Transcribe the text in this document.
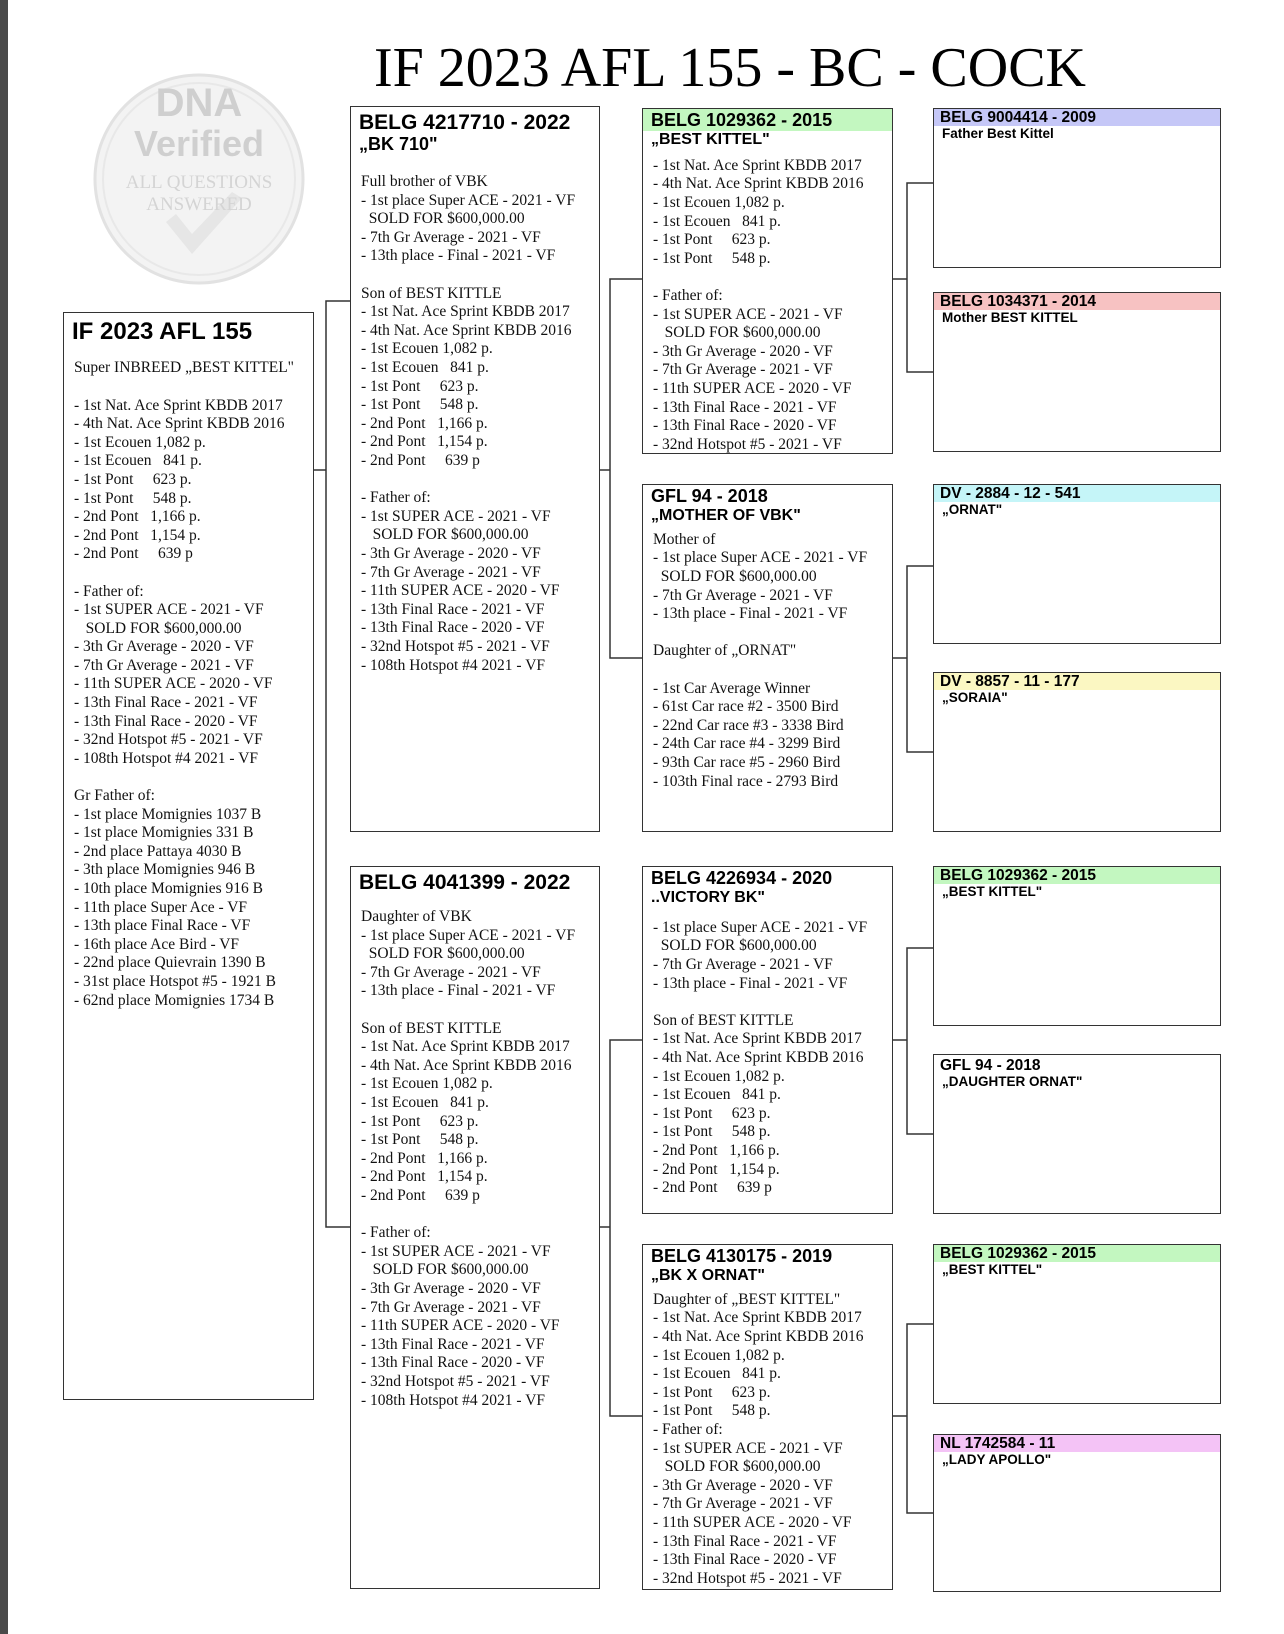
IF 2023 AFL 155 - BC - COCK
DNA
Verified
ALL QUESTIONS
ANSWERED
IF 2023 AFL 155
Super INBREED „BEST KITTEL"

- 1st Nat. Ace Sprint KBDB 2017
- 4th Nat. Ace Sprint KBDB 2016
- 1st Ecouen 1,082 p.
- 1st Ecouen   841 p.
- 1st Pont     623 p.
- 1st Pont     548 p.
- 2nd Pont   1,166 p.
- 2nd Pont   1,154 p.
- 2nd Pont     639 p

- Father of:
- 1st SUPER ACE - 2021 - VF
SOLD FOR $600,000.00
- 3th Gr Average - 2020 - VF
- 7th Gr Average - 2021 - VF
- 11th SUPER ACE - 2020 - VF
- 13th Final Race - 2021 - VF
- 13th Final Race - 2020 - VF
- 32nd Hotspot #5 - 2021 - VF
- 108th Hotspot #4 2021 - VF

Gr Father of:
- 1st place Momignies 1037 B
- 1st place Momignies 331 B
- 2nd place Pattaya 4030 B
- 3th place Momignies 946 B
- 10th place Momignies 916 B
- 11th place Super Ace - VF
- 13th place Final Race - VF
- 16th place Ace Bird - VF
- 22nd place Quievrain 1390 B
- 31st place Hotspot #5 - 1921 B
- 62nd place Momignies 1734 B
BELG 4217710 - 2022
„BK 710"
Full brother of VBK
- 1st place Super ACE - 2021 - VF
SOLD FOR $600,000.00
- 7th Gr Average - 2021 - VF
- 13th place - Final - 2021 - VF

Son of BEST KITTLE
- 1st Nat. Ace Sprint KBDB 2017
- 4th Nat. Ace Sprint KBDB 2016
- 1st Ecouen 1,082 p.
- 1st Ecouen   841 p.
- 1st Pont     623 p.
- 1st Pont     548 p.
- 2nd Pont   1,166 p.
- 2nd Pont   1,154 p.
- 2nd Pont     639 p

- Father of:
- 1st SUPER ACE - 2021 - VF
SOLD FOR $600,000.00
- 3th Gr Average - 2020 - VF
- 7th Gr Average - 2021 - VF
- 11th SUPER ACE - 2020 - VF
- 13th Final Race - 2021 - VF
- 13th Final Race - 2020 - VF
- 32nd Hotspot #5 - 2021 - VF
- 108th Hotspot #4 2021 - VF
BELG 4041399 - 2022
Daughter of VBK
- 1st place Super ACE - 2021 - VF
SOLD FOR $600,000.00
- 7th Gr Average - 2021 - VF
- 13th place - Final - 2021 - VF

Son of BEST KITTLE
- 1st Nat. Ace Sprint KBDB 2017
- 4th Nat. Ace Sprint KBDB 2016
- 1st Ecouen 1,082 p.
- 1st Ecouen   841 p.
- 1st Pont     623 p.
- 1st Pont     548 p.
- 2nd Pont   1,166 p.
- 2nd Pont   1,154 p.
- 2nd Pont     639 p

- Father of:
- 1st SUPER ACE - 2021 - VF
SOLD FOR $600,000.00
- 3th Gr Average - 2020 - VF
- 7th Gr Average - 2021 - VF
- 11th SUPER ACE - 2020 - VF
- 13th Final Race - 2021 - VF
- 13th Final Race - 2020 - VF
- 32nd Hotspot #5 - 2021 - VF
- 108th Hotspot #4 2021 - VF
BELG 1029362 - 2015
„BEST KITTEL"
- 1st Nat. Ace Sprint KBDB 2017
- 4th Nat. Ace Sprint KBDB 2016
- 1st Ecouen 1,082 p.
- 1st Ecouen   841 p.
- 1st Pont     623 p.
- 1st Pont     548 p.

- Father of:
- 1st SUPER ACE - 2021 - VF
SOLD FOR $600,000.00
- 3th Gr Average - 2020 - VF
- 7th Gr Average - 2021 - VF
- 11th SUPER ACE - 2020 - VF
- 13th Final Race - 2021 - VF
- 13th Final Race - 2020 - VF
- 32nd Hotspot #5 - 2021 - VF
GFL 94 - 2018
„MOTHER OF VBK"
Mother of
- 1st place Super ACE - 2021 - VF
SOLD FOR $600,000.00
- 7th Gr Average - 2021 - VF
- 13th place - Final - 2021 - VF

Daughter of „ORNAT"

- 1st Car Average Winner
- 61st Car race #2 - 3500 Bird
- 22nd Car race #3 - 3338 Bird
- 24th Car race #4 - 3299 Bird
- 93th Car race #5 - 2960 Bird
- 103th Final race - 2793 Bird
BELG 4226934 - 2020
..VICTORY BK"
- 1st place Super ACE - 2021 - VF
SOLD FOR $600,000.00
- 7th Gr Average - 2021 - VF
- 13th place - Final - 2021 - VF

Son of BEST KITTLE
- 1st Nat. Ace Sprint KBDB 2017
- 4th Nat. Ace Sprint KBDB 2016
- 1st Ecouen 1,082 p.
- 1st Ecouen   841 p.
- 1st Pont     623 p.
- 1st Pont     548 p.
- 2nd Pont   1,166 p.
- 2nd Pont   1,154 p.
- 2nd Pont     639 p
BELG 4130175 - 2019
„BK X ORNAT"
Daughter of „BEST KITTEL"
- 1st Nat. Ace Sprint KBDB 2017
- 4th Nat. Ace Sprint KBDB 2016
- 1st Ecouen 1,082 p.
- 1st Ecouen   841 p.
- 1st Pont     623 p.
- 1st Pont     548 p.
- Father of:
- 1st SUPER ACE - 2021 - VF
SOLD FOR $600,000.00
- 3th Gr Average - 2020 - VF
- 7th Gr Average - 2021 - VF
- 11th SUPER ACE - 2020 - VF
- 13th Final Race - 2021 - VF
- 13th Final Race - 2020 - VF
- 32nd Hotspot #5 - 2021 - VF
BELG 9004414 - 2009
Father Best Kittel
BELG 1034371 - 2014
Mother BEST KITTEL
DV - 2884 - 12 - 541
„ORNAT"
DV - 8857 - 11 - 177
„SORAIA"
BELG 1029362 - 2015
„BEST KITTEL"
GFL 94 - 2018
„DAUGHTER ORNAT"
BELG 1029362 - 2015
„BEST KITTEL"
NL 1742584 - 11
„LADY APOLLO"
